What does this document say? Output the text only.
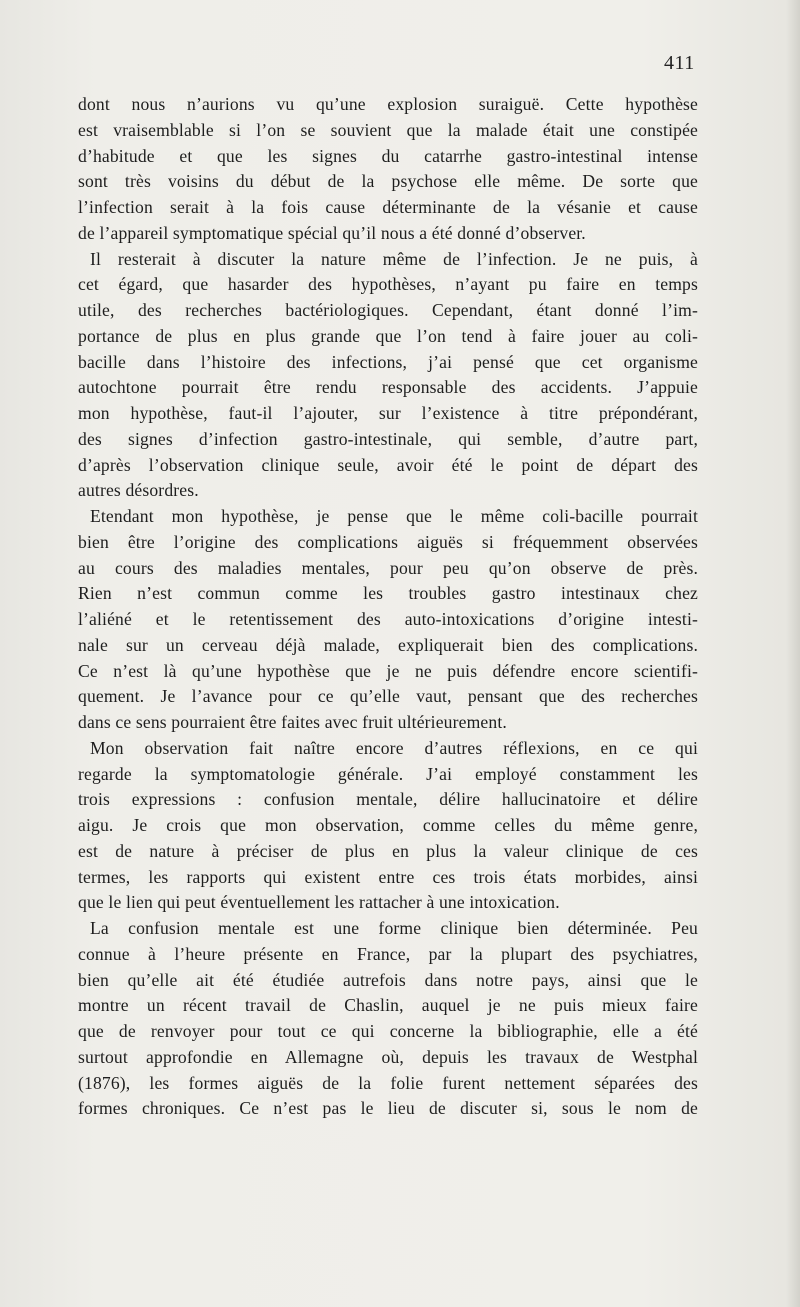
411
dont nous n’aurions vu qu’une explosion suraiguë. Cette hypothèse
est vraisemblable si l’on se souvient que la malade était une constipée
d’habitude et que les signes du catarrhe gastro-intestinal intense
sont très voisins du début de la psychose elle même. De sorte que
l’infection serait à la fois cause déterminante de la vésanie et cause
de l’appareil symptomatique spécial qu’il nous a été donné d’observer.
Il resterait à discuter la nature même de l’infection. Je ne puis, à
cet égard, que hasarder des hypothèses, n’ayant pu faire en temps
utile, des recherches bactériologiques. Cependant, étant donné l’im-
portance de plus en plus grande que l’on tend à faire jouer au coli-
bacille dans l’histoire des infections, j’ai pensé que cet organisme
autochtone pourrait être rendu responsable des accidents. J’appuie
mon hypothèse, faut-il l’ajouter, sur l’existence à titre prépondérant,
des signes d’infection gastro-intestinale, qui semble, d’autre part,
d’après l’observation clinique seule, avoir été le point de départ des
autres désordres.
Etendant mon hypothèse, je pense que le même coli-bacille pourrait
bien être l’origine des complications aiguës si fréquemment observées
au cours des maladies mentales, pour peu qu’on observe de près.
Rien n’est commun comme les troubles gastro intestinaux chez
l’aliéné et le retentissement des auto-intoxications d’origine intesti-
nale sur un cerveau déjà malade, expliquerait bien des complications.
Ce n’est là qu’une hypothèse que je ne puis défendre encore scientifi-
quement. Je l’avance pour ce qu’elle vaut, pensant que des recherches
dans ce sens pourraient être faites avec fruit ultérieurement.
Mon observation fait naître encore d’autres réflexions, en ce qui
regarde la symptomatologie générale. J’ai employé constamment les
trois expressions : confusion mentale, délire hallucinatoire et délire
aigu. Je crois que mon observation, comme celles du même genre,
est de nature à préciser de plus en plus la valeur clinique de ces
termes, les rapports qui existent entre ces trois états morbides, ainsi
que le lien qui peut éventuellement les rattacher à une intoxication.
La confusion mentale est une forme clinique bien déterminée. Peu
connue à l’heure présente en France, par la plupart des psychiatres,
bien qu’elle ait été étudiée autrefois dans notre pays, ainsi que le
montre un récent travail de Chaslin, auquel je ne puis mieux faire
que de renvoyer pour tout ce qui concerne la bibliographie, elle a été
surtout approfondie en Allemagne où, depuis les travaux de Westphal
(1876), les formes aiguës de la folie furent nettement séparées des
formes chroniques. Ce n’est pas le lieu de discuter si, sous le nom de
